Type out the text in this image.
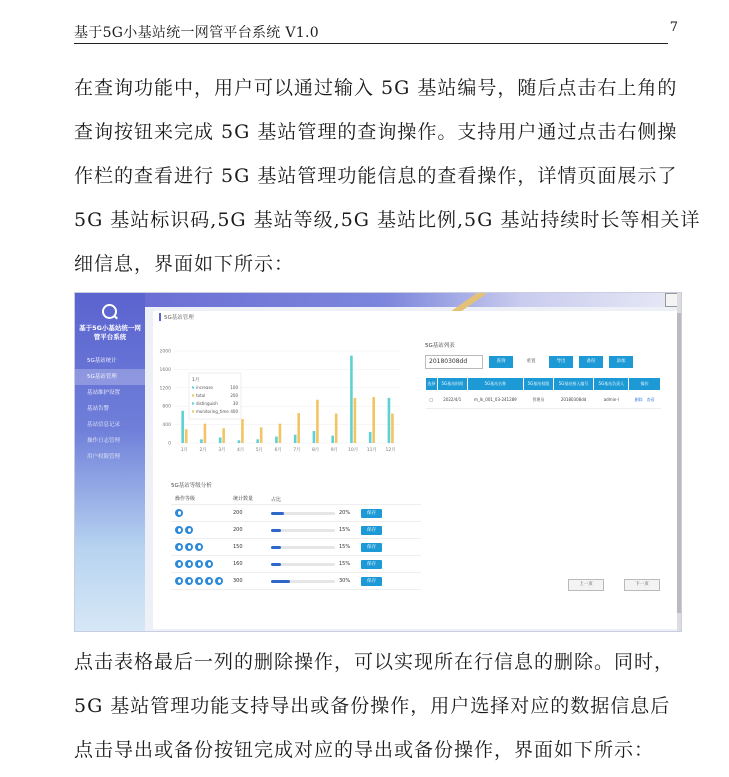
基于5G小基站统一网管平台系统 V1.0	7
在查询功能中，用户可以通过输入 5G 基站编号，随后点击右上角的
查询按钮来完成 5G 基站管理的查询操作。支持用户通过点击右侧操
作栏的查看进行 5G 基站管理功能信息的查看操作，详情页面展示了
5G 基站标识码,5G 基站等级,5G 基站比例,5G 基站持续时长等相关详
细信息，界面如下所示：
基于5G小基站统一网管平台系统
5G基站统计
5G基站管理
基站维护设置
基站告警
基站信息记录
操作日志管理
用户权限管理
5G基站管理
0
400
800
1200
1600
2000
1月	2月	3月	4月	5月	6月	7月	8月	9月 10月 11月 12月
1月
increase	100
total	200
distinguish	30
monitoring_time 400
5G基站等级分析
操作等级	统计数量	占比
200	20%	保存
200	15%	保存
150	15%	保存
160	15%	保存
300	30%	保存
5G基站列表
20180308dd	查询	重置	导出	备份	添加
选择	5G基站时间	5G基站名称	5G基站权限	5G基站接入编号	5G基站负责人	操作
□	2022/4/1	m_lk_001_03-241289	管理员	20180308dd	admin-l	删除 查看
上一页	下一页
点击表格最后一列的删除操作，可以实现所在行信息的删除。同时，
5G 基站管理功能支持导出或备份操作，用户选择对应的数据信息后
点击导出或备份按钮完成对应的导出或备份操作，界面如下所示：
